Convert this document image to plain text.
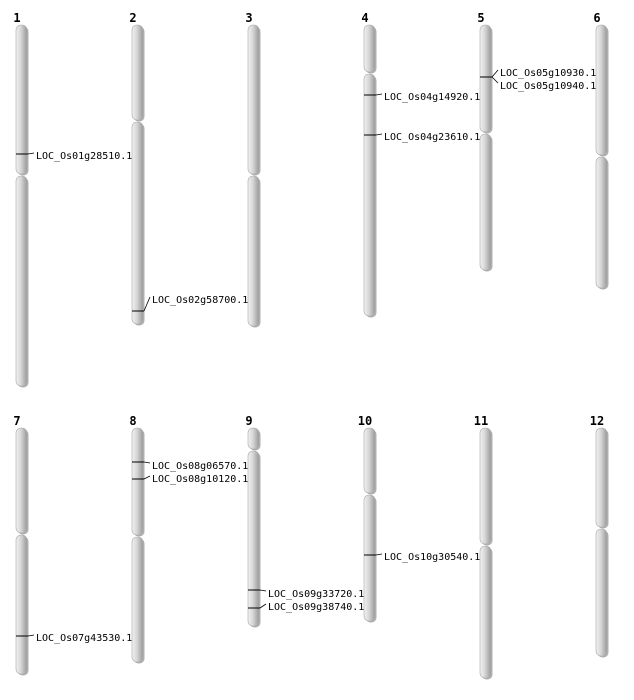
1
LOC_Os01g28510.1
2
LOC_Os02g58700.1
3	4
LOC_Os04g14920.1
LOC_Os04g23610.1
5
LOC_Os05g10930.1
LOC_Os05g10940.1
6
7
LOC_Os07g43530.1
8
LOC_Os08g06570.1
LOC_Os08g10120.1
9
LOC_Os09g33720.1
LOC_Os09g38740.1
10
LOC_Os10g30540.1
11	12
